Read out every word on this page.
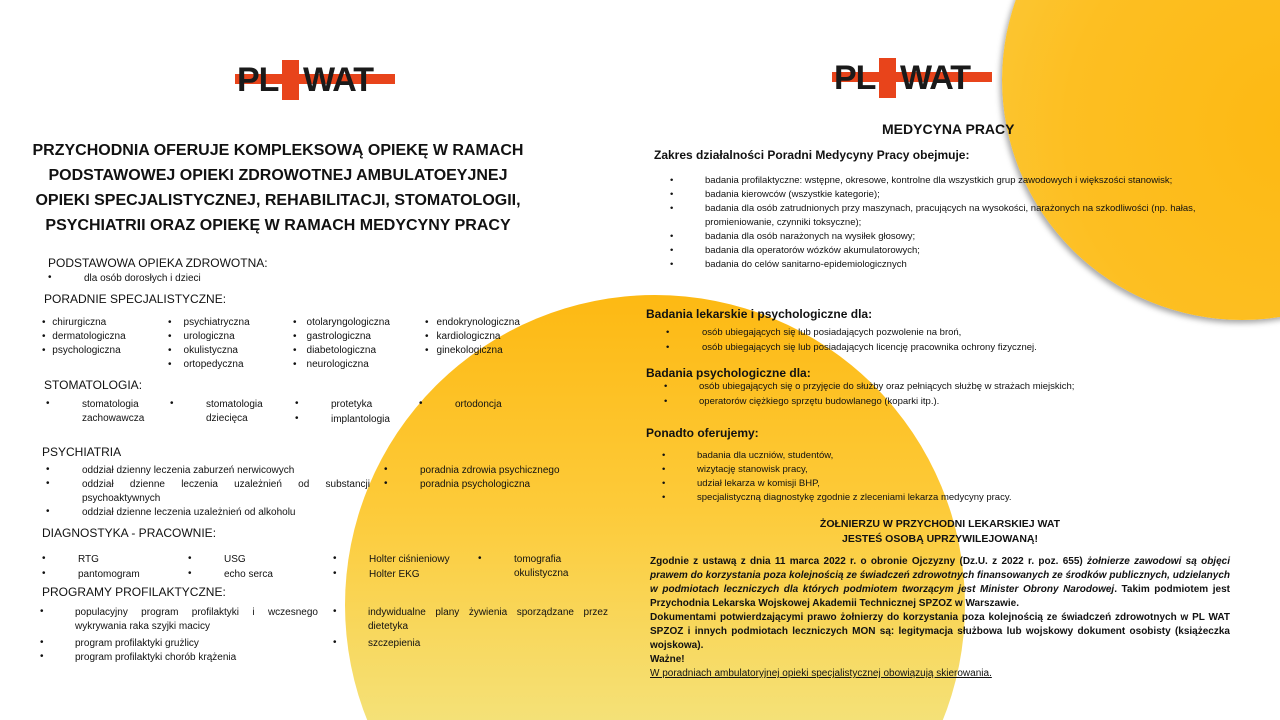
PL WAT	PL WAT
PRZYCHODNIA OFERUJE KOMPLEKSOWĄ OPIEKĘ W RAMACH PODSTAWOWEJ OPIEKI ZDROWOTNEJ AMBULATOEYJNEJ OPIEKI SPECJALISTYCZNEJ, REHABILITACJI, STOMATOLOGII, PSYCHIATRII ORAZ OPIEKĘ W RAMACH MEDYCYNY PRACY
PODSTAWOWA OPIEKA ZDROWOTNA:
•	dla osób dorosłych i dzieci
PORADNIE SPECJALISTYCZNE:
• chirurgiczna
• dermatologiczna
• psychologiczna
• psychiatryczna
• urologiczna
• okulistyczna
• ortopedyczna
• otolaryngologiczna
• gastrologiczna
• diabetologiczna
• neurologiczna
• endokrynologiczna
• kardiologiczna
• ginekologiczna
STOMATOLOGIA:
•	stomatologia zachowawcza
•	stomatologia dziecięca
•	protetyka
•	implantologia
•	ortodoncja
PSYCHIATRIA
•	oddział dzienny leczenia zaburzeń nerwicowych
•	oddział dzienne leczenia uzależnień od substancji psychoaktywnych
•	oddział dzienne leczenia uzależnień od alkoholu
•	poradnia zdrowia psychicznego
•	poradnia psychologiczna
DIAGNOSTYKA - PRACOWNIE:
•	RTG
•	pantomogram
•	USG
•	echo serca
•	Holter ciśnieniowy
•	Holter EKG
•	tomografia okulistyczna
PROGRAMY PROFILAKTYCZNE:
•	populacyjny program profilaktyki i wczesnego wykrywania raka szyjki macicy
•	program profilaktyki grużlicy
•	program profilaktyki chorób krążenia
•	indywidualne plany żywienia sporządzane przez dietetyka
•	szczepienia
MEDYCYNA PRACY
Zakres działalności Poradni Medycyny Pracy obejmuje:
•	badania profilaktyczne: wstępne, okresowe, kontrolne dla wszystkich grup zawodowych i większości stanowisk;
•	badania kierowców (wszystkie kategorie);
•	badania dla osób zatrudnionych przy maszynach, pracujących na wysokości, narażonych na szkodliwości (np. hałas, promieniowanie, czynniki toksyczne);
•	badania dla osób narażonych na wysiłek głosowy;
•	badania dla operatorów wózków akumulatorowych;
•	badania do celów sanitarno-epidemiologicznych
Badania lekarskie i psychologiczne dla:
•	osób ubiegających się lub posiadających pozwolenie na broń,
•	osób ubiegających się lub posiadających licencję pracownika ochrony fizycznej.
Badania psychologiczne dla:
•	osób ubiegających się o przyjęcie do służby oraz pełniących służbę w strażach miejskich;
•	operatorów ciężkiego sprzętu budowlanego (koparki itp.).
Ponadto oferujemy:
•	badania dla uczniów, studentów,
•	wizytację stanowisk pracy,
•	udział lekarza w komisji BHP,
•	specjalistyczną diagnostykę zgodnie z zleceniami lekarza medycyny pracy.
ŻOŁNIERZU W PRZYCHODNI LEKARSKIEJ WAT
JESTEŚ OSOBĄ UPRZYWILEJOWANĄ!
Zgodnie z ustawą z dnia 11 marca 2022 r. o obronie Ojczyzny (Dz.U. z 2022 r. poz. 655) żołnierze zawodowi są objęci prawem do korzystania poza kolejnością ze świadczeń zdrowotnych finansowanych ze środków publicznych, udzielanych w podmiotach leczniczych dla których podmiotem tworzącym jest Minister Obrony Narodowej. Takim podmiotem jest Przychodnia Lekarska Wojskowej Akademii Technicznej SPZOZ w Warszawie.
Dokumentami potwierdzającymi prawo żołnierzy do korzystania poza kolejnością ze świadczeń zdrowotnych w PL WAT SPZOZ i innych podmiotach leczniczych MON są: legitymacja służbowa lub wojskowy dokument osobisty (książeczka wojskowa).
Ważne!
W poradniach ambulatoryjnej opieki specjalistycznej obowiązują skierowania.
